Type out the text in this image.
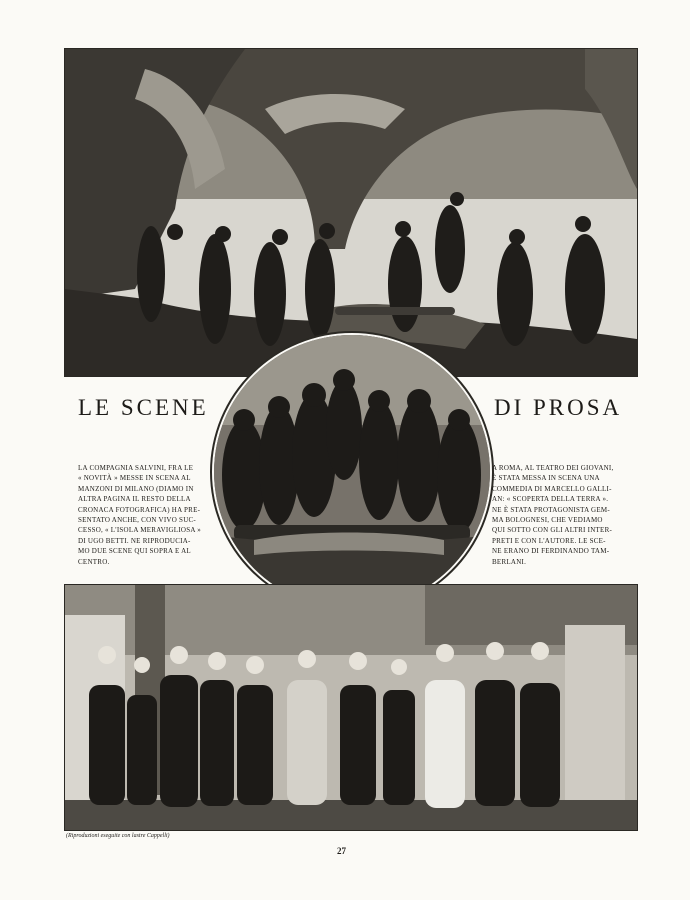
LE SCENE	DI PROSA

LA COMPAGNIA SALVINI, FRA LE
« NOVITÀ » MESSE IN SCENA AL
MANZONI DI MILANO (DIAMO IN
ALTRA PAGINA IL RESTO DELLA
CRONACA FOTOGRAFICA) HA PRE-
SENTATO ANCHE, CON VIVO SUC-
CESSO, « L'ISOLA MERAVIGLIOSA »
DI UGO BETTI. NE RIPRODUCIA-
MO DUE SCENE QUI SOPRA E AL
CENTRO.

A ROMA, AL TEATRO DEI GIOVANI,
È STATA MESSA IN SCENA UNA
COMMEDIA DI MARCELLO GALLI-
AN: « SCOPERTA DELLA TERRA ».
NE È STATA PROTAGONISTA GEM-
MA BOLOGNESI, CHE VEDIAMO
QUI SOTTO CON GLI ALTRI INTER-
PRETI E CON L'AUTORE. LE SCE-
NE ERANO DI FERDINANDO TAM-
BERLANI.

(Riproduzioni eseguite con lastre Cappelli)

27
